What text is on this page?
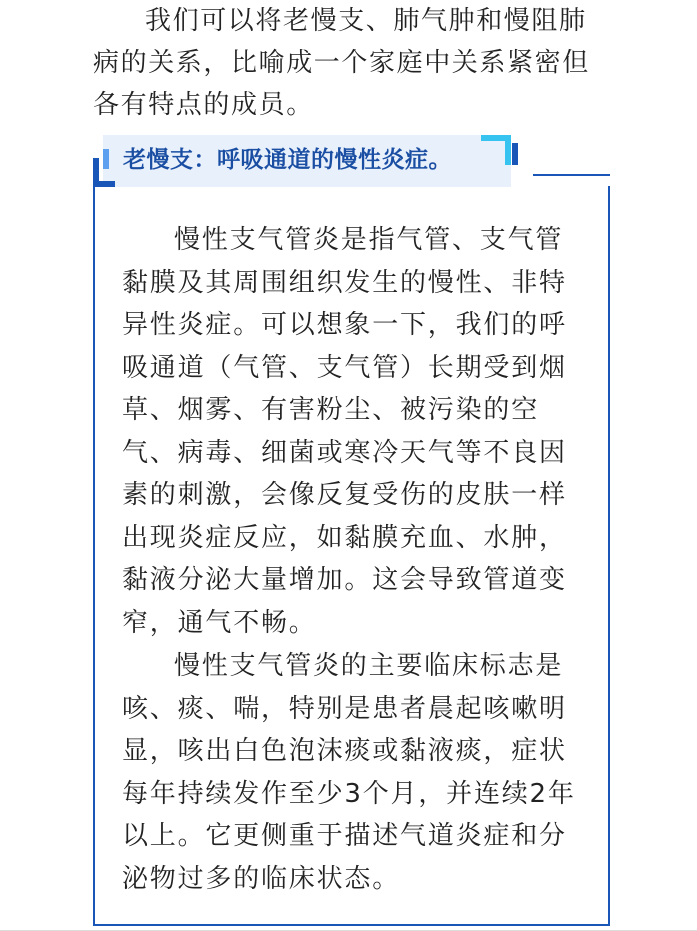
我们可以将老慢支、肺气肿和慢阻肺病的关系，比喻成一个家庭中关系紧密但各有特点的成员。

老慢支：呼吸通道的慢性炎症。

慢性支气管炎是指气管、支气管黏膜及其周围组织发生的慢性、非特异性炎症。可以想象一下，我们的呼吸通道（气管、支气管）长期受到烟草、烟雾、有害粉尘、被污染的空气、病毒、细菌或寒冷天气等不良因素的刺激，会像反复受伤的皮肤一样出现炎症反应，如黏膜充血、水肿，黏液分泌大量增加。这会导致管道变窄，通气不畅。

慢性支气管炎的主要临床标志是咳、痰、喘，特别是患者晨起咳嗽明显，咳出白色泡沫痰或黏液痰，症状每年持续发作至少3个月，并连续2年以上。它更侧重于描述气道炎症和分泌物过多的临床状态。
